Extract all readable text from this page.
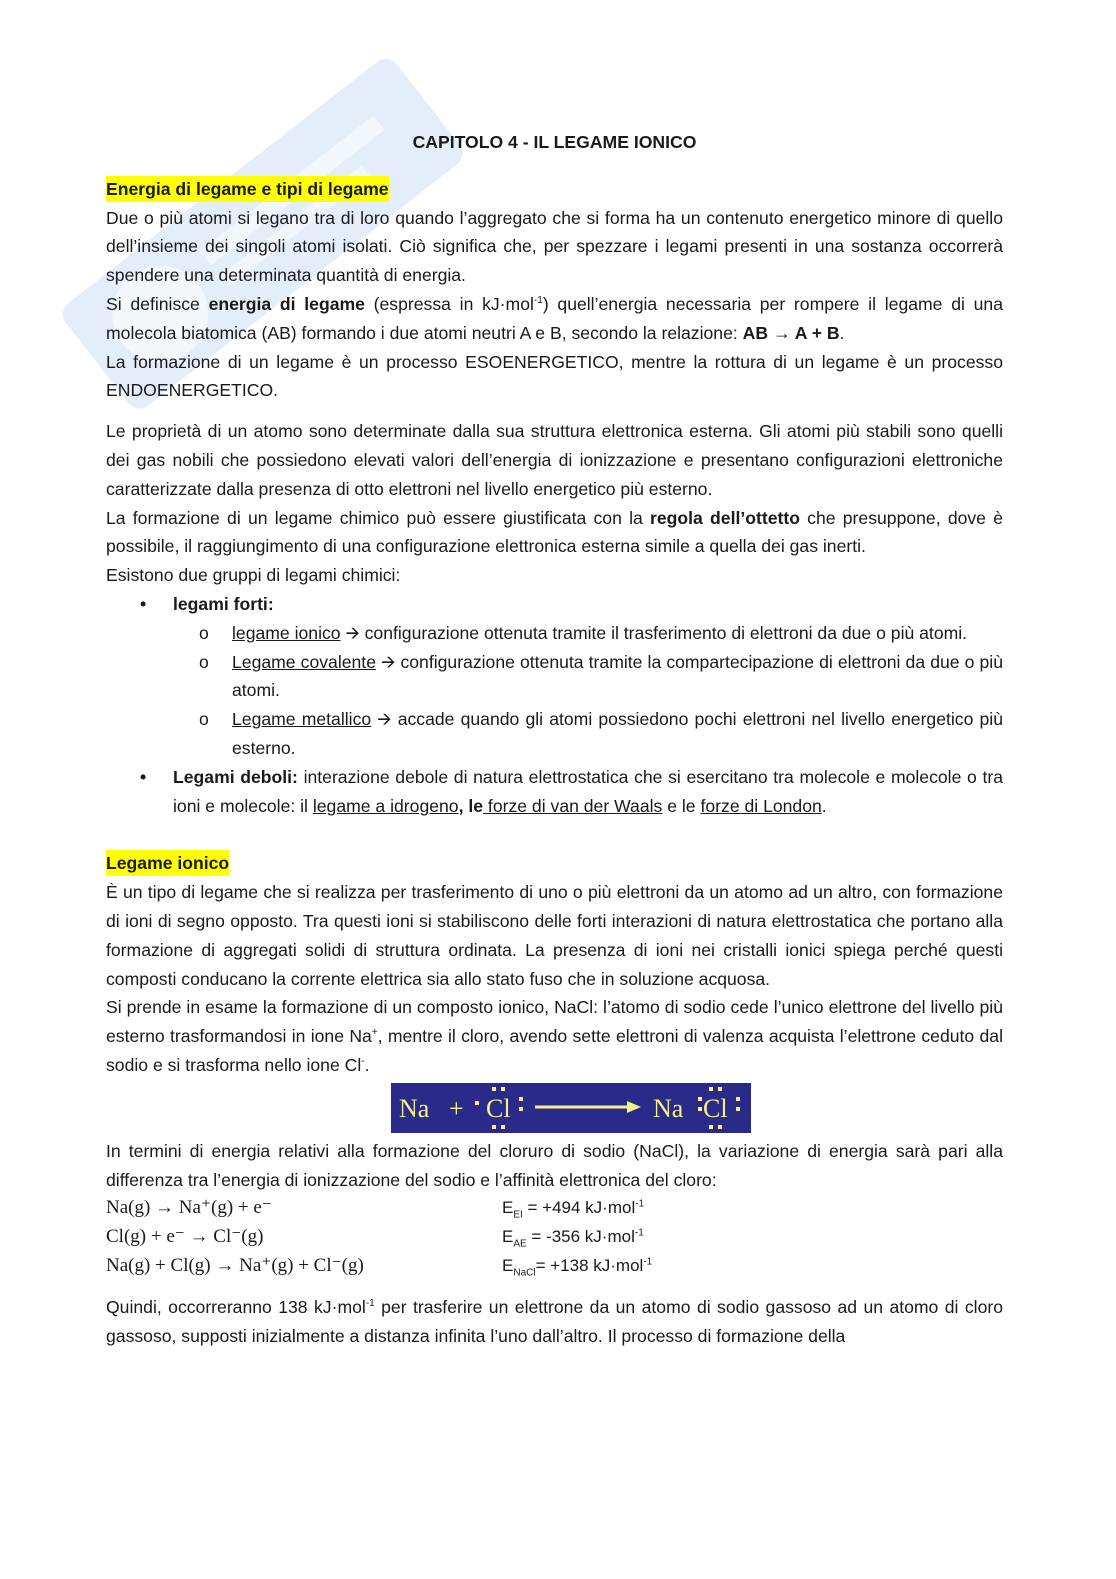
CAPITOLO 4 - IL LEGAME IONICO

Energia di legame e tipi di legame

Due o più atomi si legano tra di loro quando l’aggregato che si forma ha un contenuto energetico minore di quello dell’insieme dei singoli atomi isolati. Ciò significa che, per spezzare i legami presenti in una sostanza occorrerà spendere una determinata quantità di energia.

Si definisce energia di legame (espressa in kJ·mol$^{-1}$) quell’energia necessaria per rompere il legame di una molecola biatomica (AB) formando i due atomi neutri A e B, secondo la relazione: AB → A + B.

La formazione di un legame è un processo ESOENERGETICO, mentre la rottura di un legame è un processo ENDOENERGETICO.

Le proprietà di un atomo sono determinate dalla sua struttura elettronica esterna. Gli atomi più stabili sono quelli dei gas nobili che possiedono elevati valori dell’energia di ionizzazione e presentano configurazioni elettroniche caratterizzate dalla presenza di otto elettroni nel livello energetico più esterno.

La formazione di un legame chimico può essere giustificata con la regola dell’ottetto che presuppone, dove è possibile, il raggiungimento di una configurazione elettronica esterna simile a quella dei gas inerti.

Esistono due gruppi di legami chimici:

• legami forti:
o legame ionico 🡪 configurazione ottenuta tramite il trasferimento di elettroni da due o più atomi.
o Legame covalente 🡪 configurazione ottenuta tramite la compartecipazione di elettroni da due o più atomi.
o Legame metallico 🡪 accade quando gli atomi possiedono pochi elettroni nel livello energetico più esterno.
• Legami deboli: interazione debole di natura elettrostatica che si esercitano tra molecole e molecole o tra ioni e molecole: il legame a idrogeno, le forze di van der Waals e le forze di London.

Legame ionico

È un tipo di legame che si realizza per trasferimento di uno o più elettroni da un atomo ad un altro, con formazione di ioni di segno opposto. Tra questi ioni si stabiliscono delle forti interazioni di natura elettrostatica che portano alla formazione di aggregati solidi di struttura ordinata. La presenza di ioni nei cristalli ionici spiega perché questi composti conducano la corrente elettrica sia allo stato fuso che in soluzione acquosa.

Si prende in esame la formazione di un composto ionico, NaCl: l’atomo di sodio cede l’unico elettrone del livello più esterno trasformandosi in ione Na+, mentre il cloro, avendo sette elettroni di valenza acquista l’elettrone ceduto dal sodio e si trasforma nello ione Cl-.

Na + Cl	Na Cl

In termini di energia relativi alla formazione del cloruro di sodio (NaCl), la variazione di energia sarà pari alla differenza tra l’energia di ionizzazione del sodio e l’affinità elettronica del cloro:

Na(g) → Na⁺(g) + e⁻	$E_{EI} = +494$ kJ·mol$^{-1}$
Cl(g) + e⁻ → Cl⁻(g)	$E_{AE} = -356$ kJ·mol$^{-1}$
Na(g) + Cl(g) → Na⁺(g) + Cl⁻(g)	$E_{NaCl}= +138$ kJ·mol$^{-1}$

Quindi, occorreranno 138 kJ·mol$^{-1}$ per trasferire un elettrone da un atomo di sodio gassoso ad un atomo di cloro gassoso, supposti inizialmente a distanza infinita l’uno dall’altro. Il processo di formazione della
